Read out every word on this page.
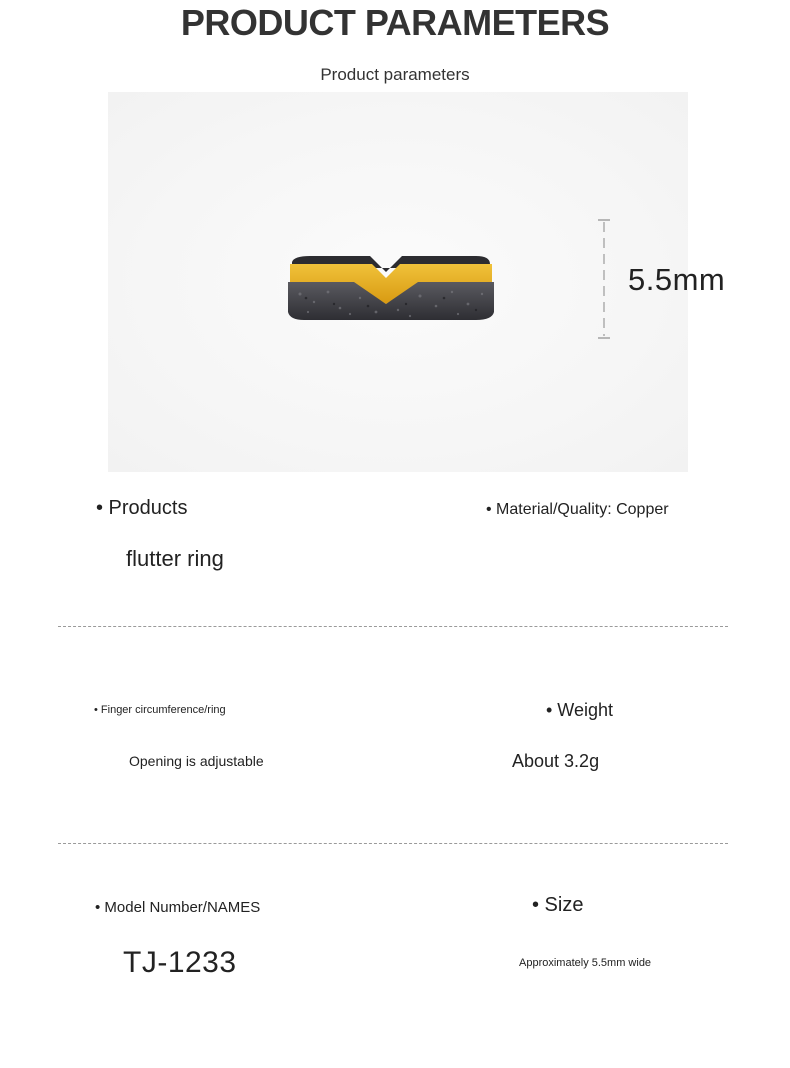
PRODUCT PARAMETERS
Product parameters
5.5mm
• Products
flutter ring
• Material/Quality: Copper
• Finger circumference/ring
Opening is adjustable
• Weight
About 3.2g
• Model Number/NAMES
TJ-1233
• Size
Approximately 5.5mm wide
